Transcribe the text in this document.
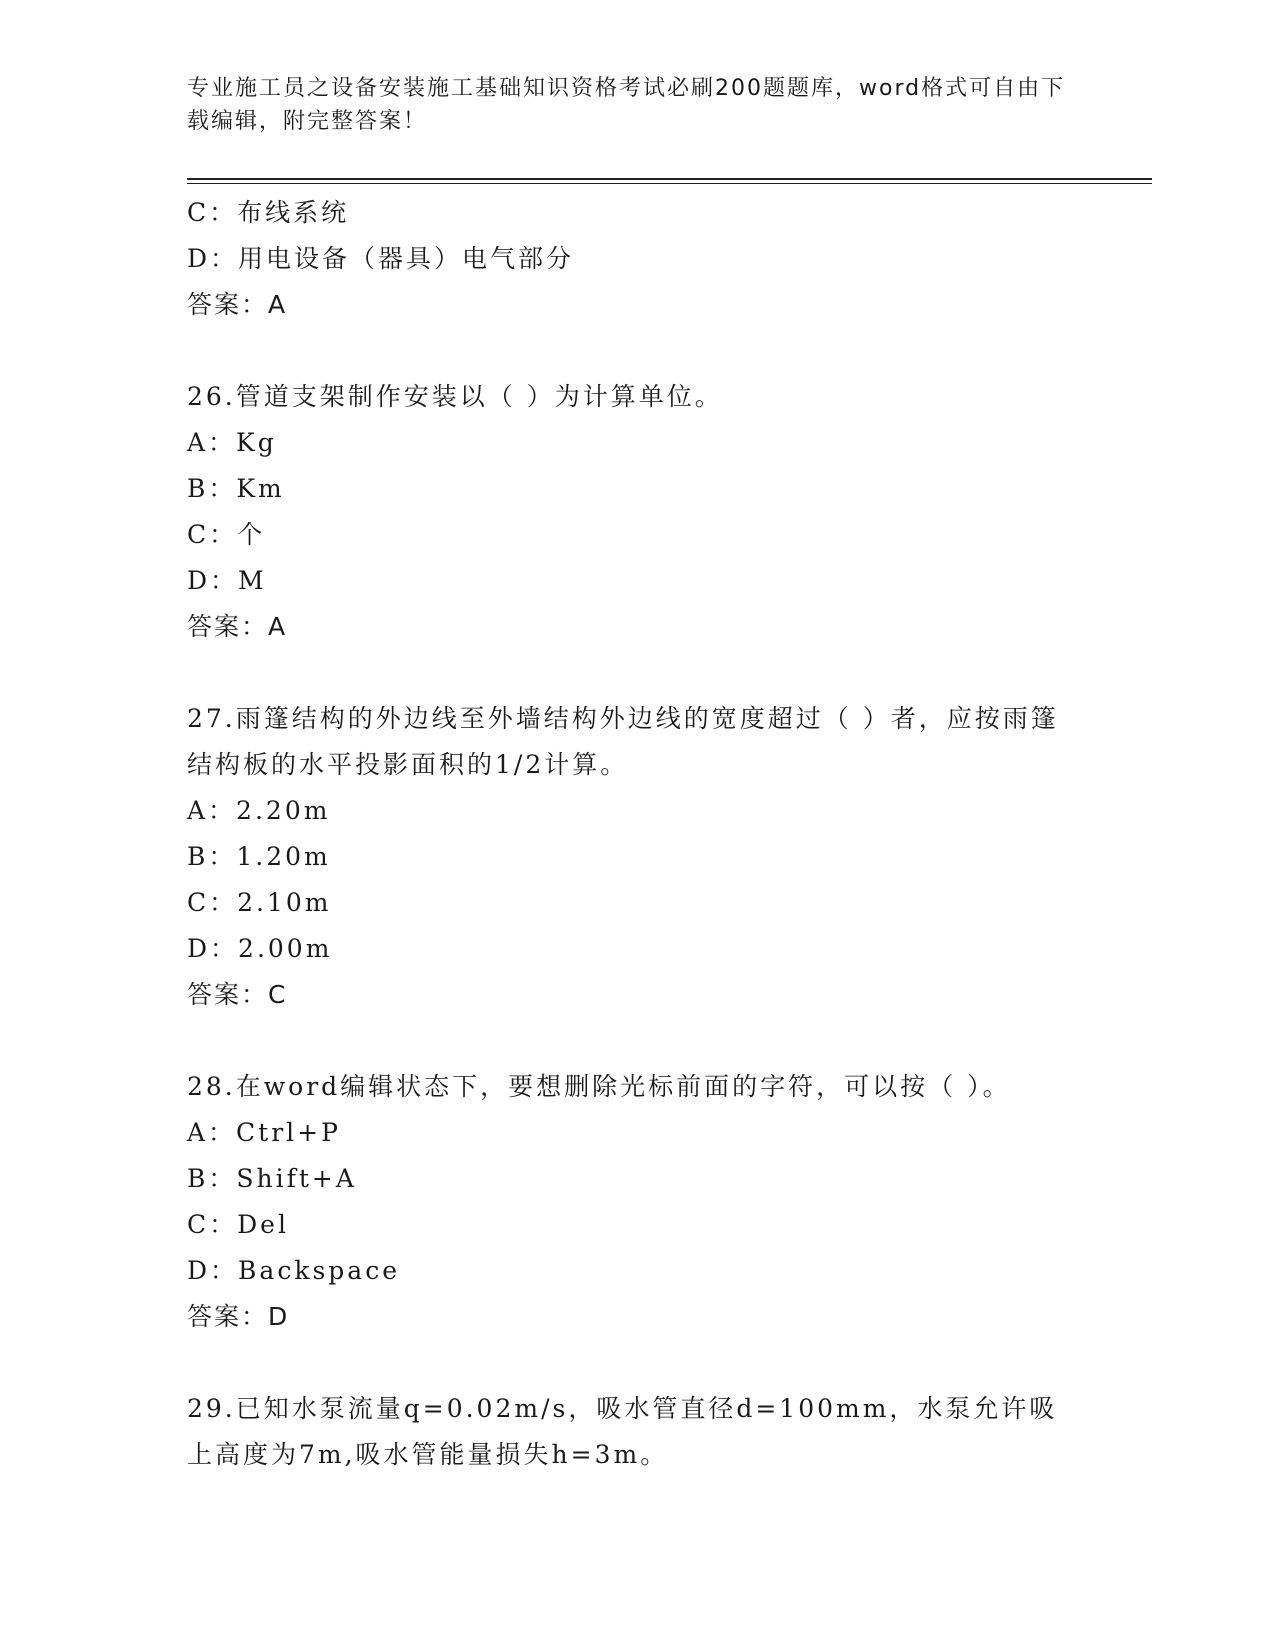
专业施工员之设备安装施工基础知识资格考试必刷200题题库，word格式可自由下载编辑，附完整答案！
C：布线系统
D：用电设备（器具）电气部分
答案：A
26.管道支架制作安装以（ ）为计算单位。
A：Kg
B：Km
C：个
D：M
答案：A
27.雨篷结构的外边线至外墙结构外边线的宽度超过（ ）者，应按雨篷结构板的水平投影面积的1/2计算。
A：2.20m
B：1.20m
C：2.10m
D：2.00m
答案：C
28.在word编辑状态下，要想删除光标前面的字符，可以按（ ）。
A：Ctrl+P
B：Shift+A
C：Del
D：Backspace
答案：D
29.已知水泵流量q=0.02m/s，吸水管直径d=100mm，水泵允许吸上高度为7m,吸水管能量损失h=3m。
